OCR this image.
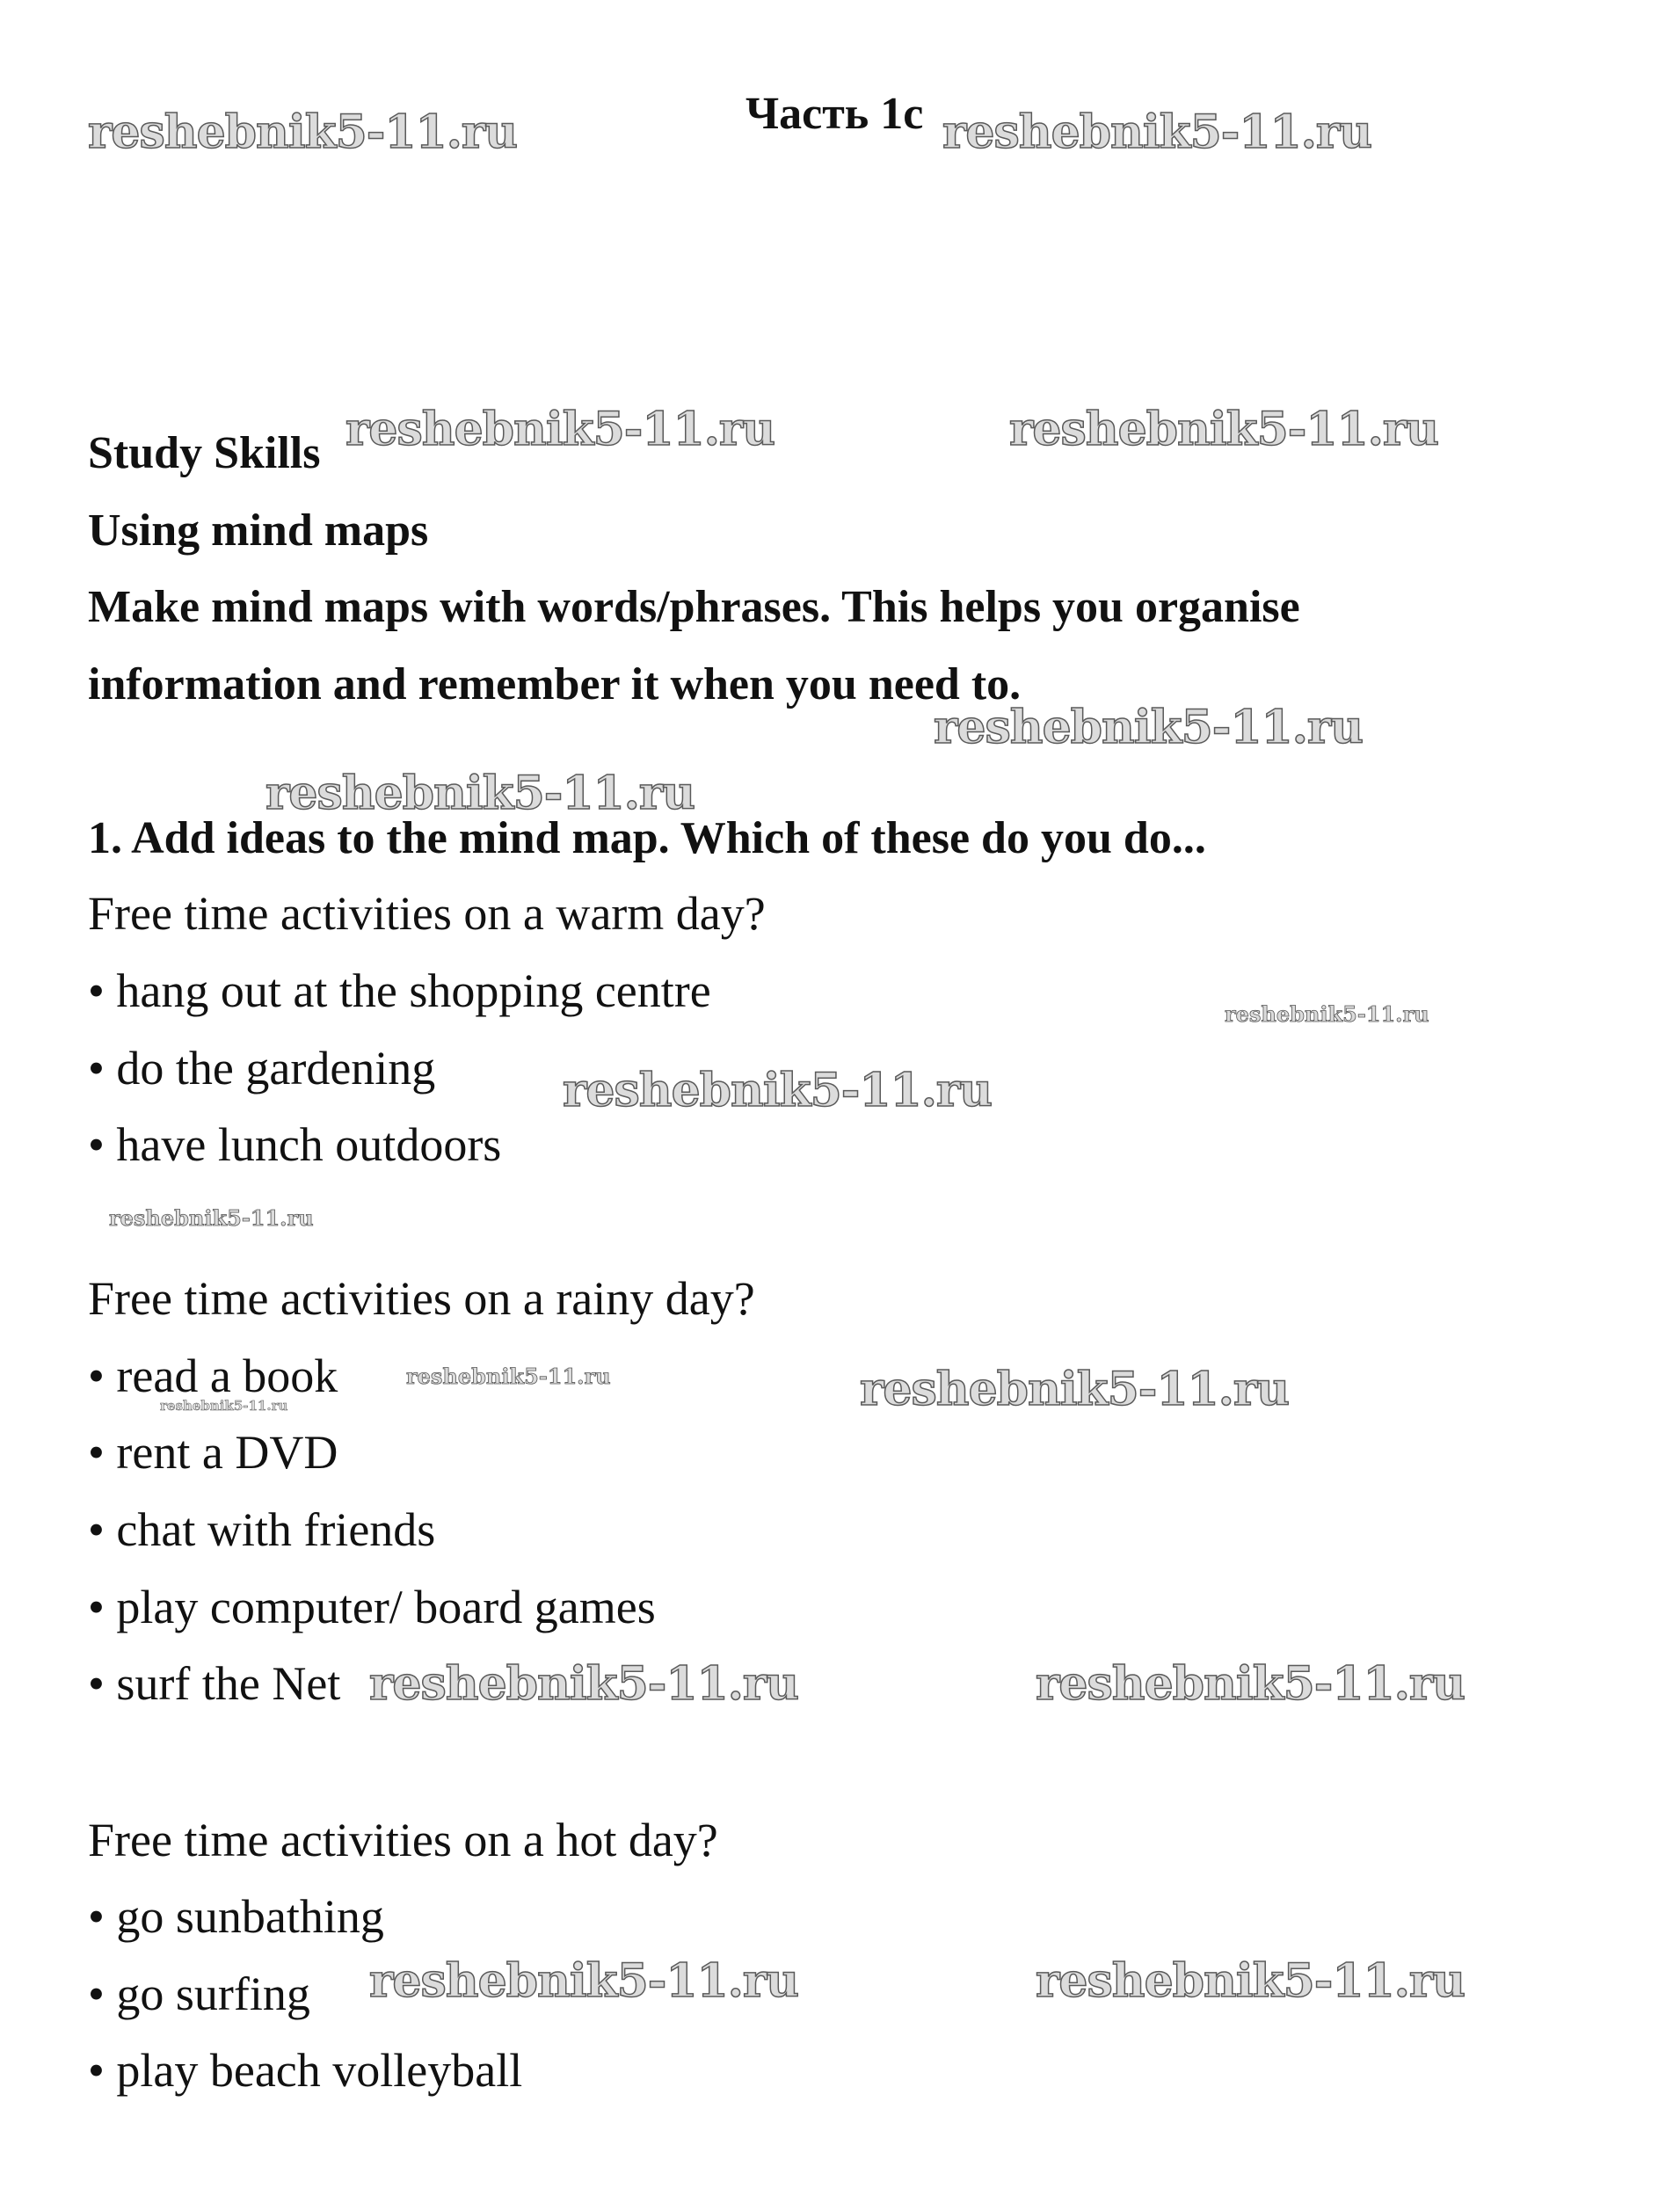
Часть 1с
Study Skills
Using mind maps
Make mind maps with words/phrases. This helps you organise
information and remember it when you need to.
1. Add ideas to the mind map. Which of these do you do...
Free time activities on a warm day?
• hang out at the shopping centre
• do the gardening
• have lunch outdoors
Free time activities on a rainy day?
• read a book
• rent a DVD
• chat with friends
• play computer/ board games
• surf the Net
Free time activities on a hot day?
• go sunbathing
• go surfing
• play beach volleyball
reshebnik5-11.ru	reshebnik5-11.ru
reshebnik5-11.ru	reshebnik5-11.ru
reshebnik5-11.ru
reshebnik5-11.ru
reshebnik5-11.ru
reshebnik5-11.ru
reshebnik5-11.ru
reshebnik5-11.ru
reshebnik5-11.ru	reshebnik5-11.ru
reshebnik5-11.ru	reshebnik5-11.ru
reshebnik5-11.ru	reshebnik5-11.ru
